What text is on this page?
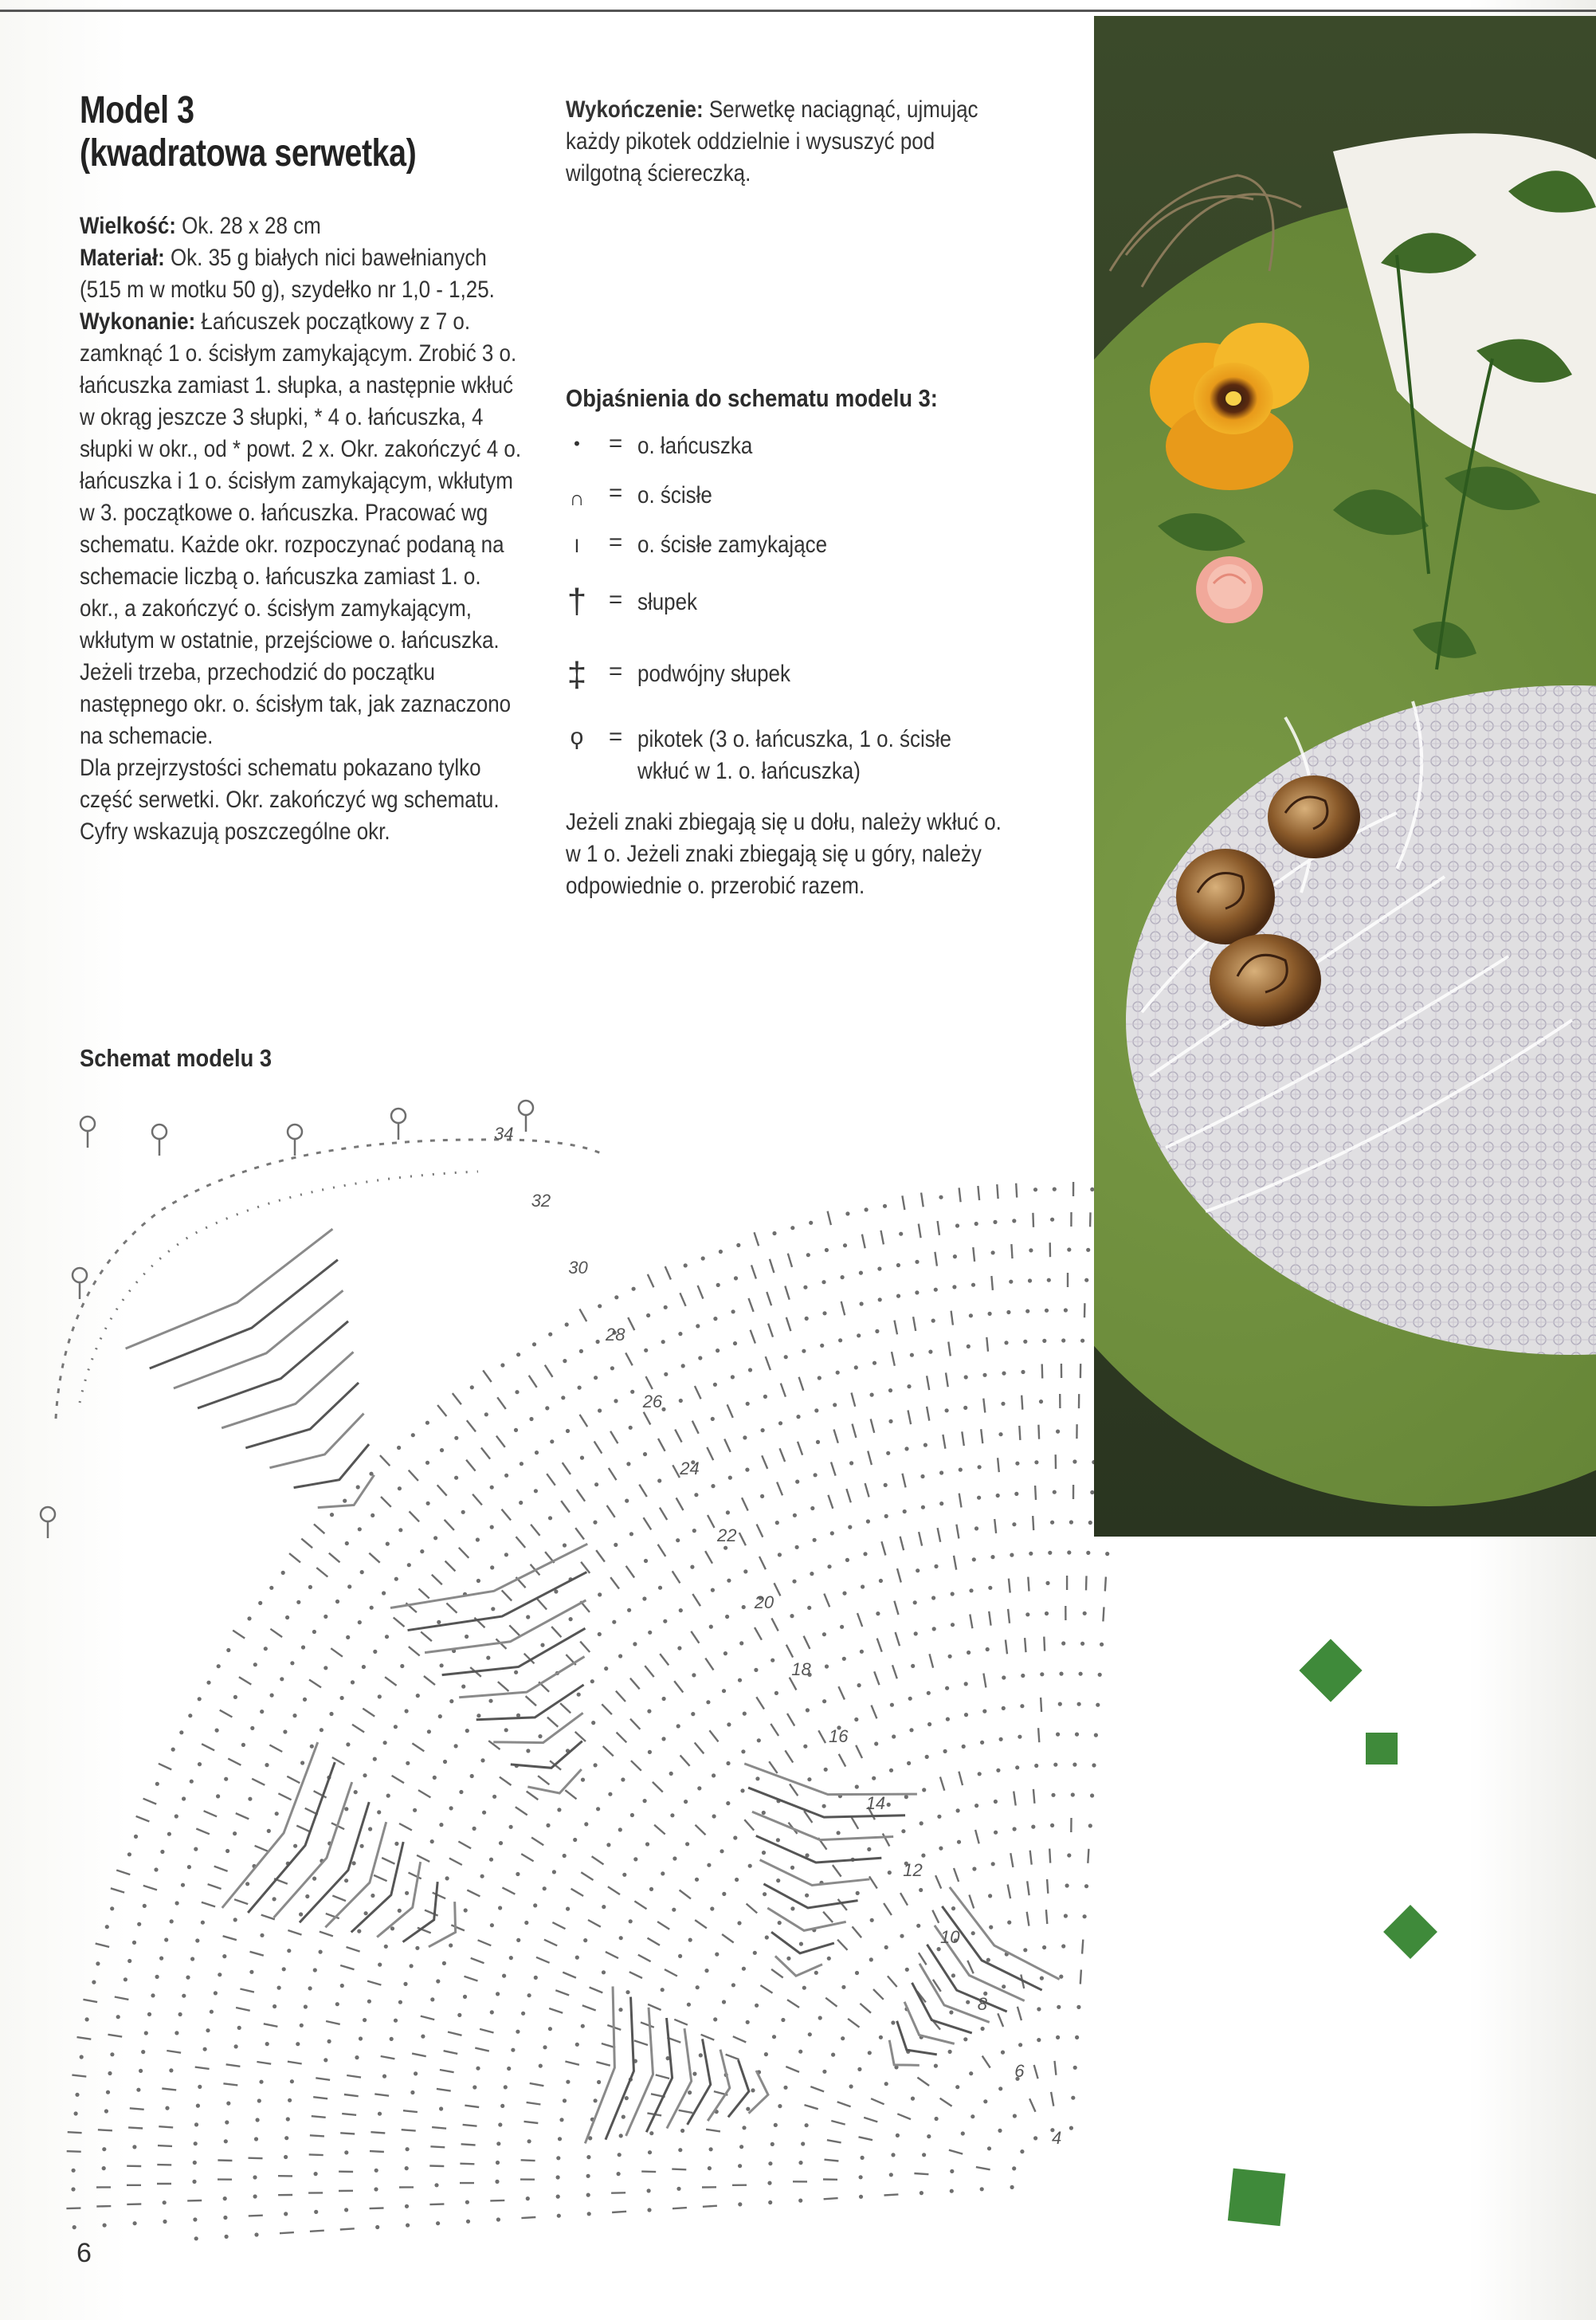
Model 3
(kwadratowa serwetka)

Wielkość: Ok. 28 x 28 cm

Materiał: Ok. 35 g białych nici bawełnianych (515 m w motku 50 g), szydełko nr 1,0 - 1,25.

Wykonanie: Łańcuszek początkowy z 7 o. zamknąć 1 o. ścisłym zamykającym. Zrobić 3 o. łańcuszka zamiast 1. słupka, a następnie wkłuć w okrąg jeszcze 3 słupki, * 4 o. łańcuszka, 4 słupki w okr., od * powt. 2 x. Okr. zakończyć 4 o. łańcuszka i 1 o. ścisłym zamykającym, wkłutym w 3. początkowe o. łańcuszka. Pracować wg schematu. Każde okr. rozpoczynać podaną na schemacie liczbą o. łańcuszka zamiast 1. o. okr., a zakończyć o. ścisłym zamykającym, wkłutym w ostatnie, przejściowe o. łańcuszka. Jeżeli trzeba, przechodzić do początku następnego okr. o. ścisłym tak, jak zaznaczono na schemacie.

Dla przejrzystości schematu pokazano tylko część serwetki. Okr. zakończyć wg schematu. Cyfry wskazują poszczególne okr.

Wykończenie: Serwetkę naciągnąć, ujmując każdy pikotek oddzielnie i wysuszyć pod wilgotną ściereczką.

Objaśnienia do schematu modelu 3:
•	= o. łańcuszka
∩ = o. ścisłe
I	= o. ścisłe zamykające
† = słupek
‡ = podwójny słupek
ϙ	= pikotek (3 o. łańcuszka, 1 o. ścisłe
wkłuć w 1. o. łańcuszka)
Jeżeli znaki zbiegają się u dołu, należy wkłuć o. w 1 o. Jeżeli znaki zbiegają się u góry, należy odpowiednie o. przerobić razem.
Schemat modelu 3
34
32
30
28
26
24
22
20
18
16
14
12
10
8
6
4
6
